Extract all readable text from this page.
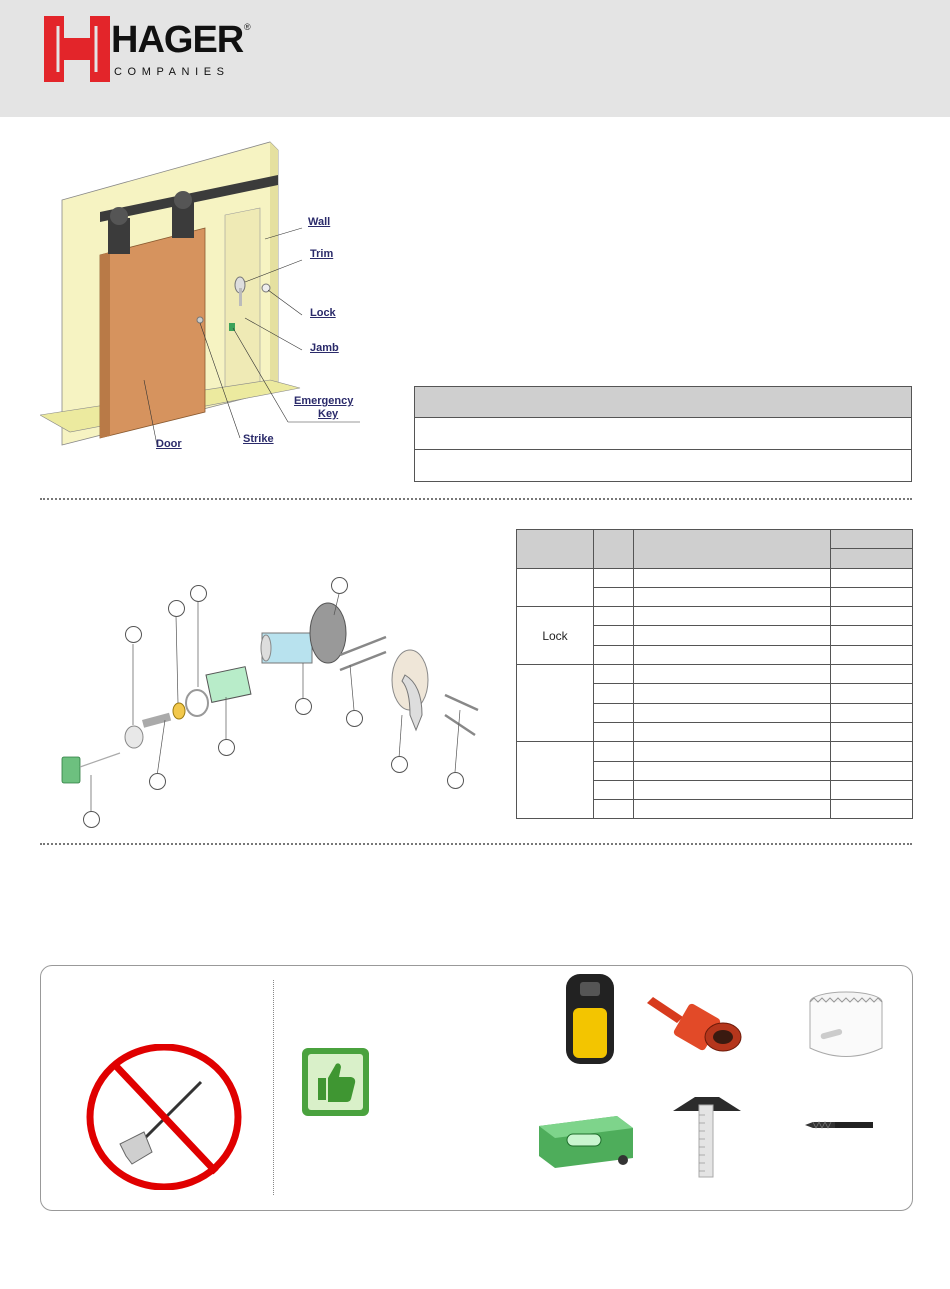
HAGER ®
COMPANIES
Wall
Trim
Lock
Jamb
Emergency
Key
Strike
Door

Lock			
